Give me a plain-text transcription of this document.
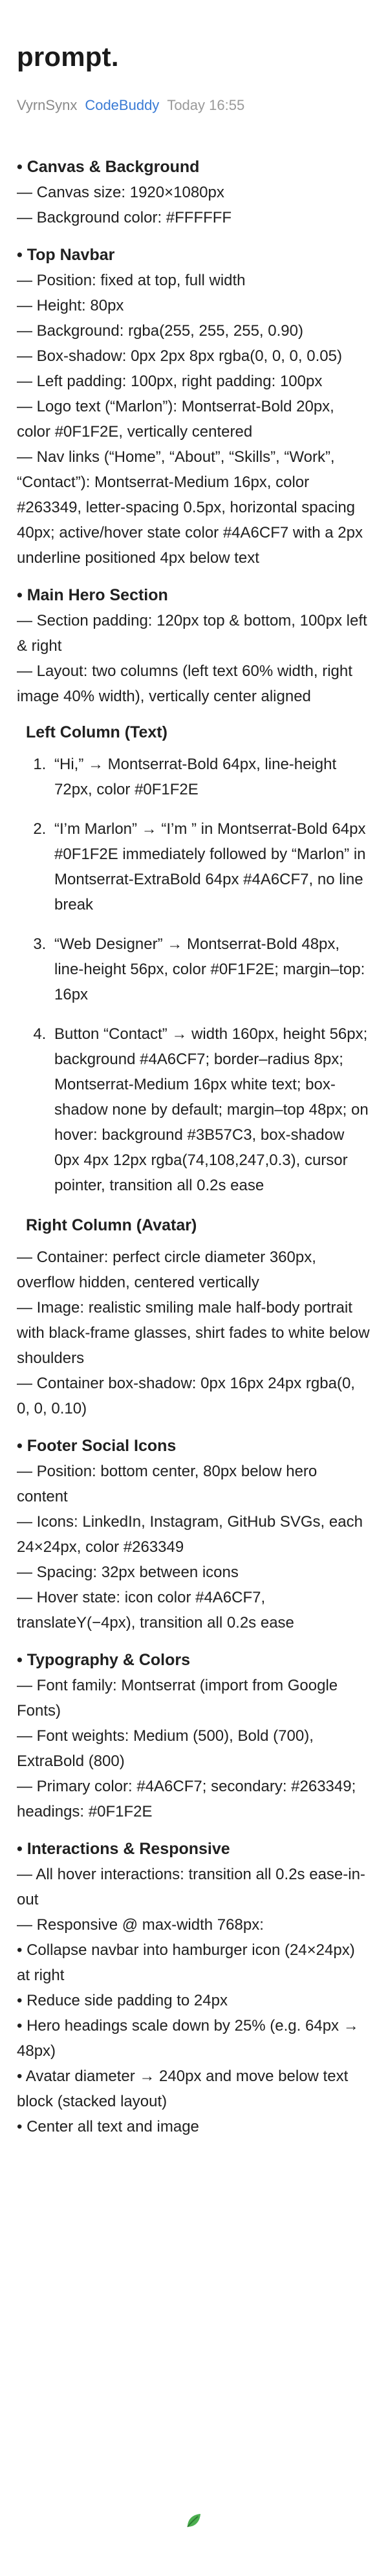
prompt.
VyrnSynx CodeBuddy Today 16:55
• Canvas & Background

— Canvas size: 1920×1080px

— Background color: #FFFFFF

• Top Navbar

— Position: fixed at top, full width

— Height: 80px

— Background: rgba(255, 255, 255, 0.90)

— Box-shadow: 0px 2px 8px rgba(0, 0, 0, 0.05)

— Left padding: 100px, right padding: 100px

— Logo text (“Marlon”): Montserrat-Bold 20px, color #0F1F2E, vertically centered

— Nav links (“Home”, “About”, “Skills”, “Work”, “Contact”): Montserrat-Medium 16px, color #263349, letter-spacing 0.5px, horizontal spacing 40px; active/hover state color #4A6CF7 with a 2px underline positioned 4px below text

• Main Hero Section

— Section padding: 120px top & bottom, 100px left & right

— Layout: two columns (left text 60% width, right image 40% width), vertically center aligned

Left Column (Text)
1. “Hi,” → Montserrat-Bold 64px, line-height 72px, color #0F1F2E
2. “I’m Marlon” → “I’m ” in Montserrat-Bold 64px #0F1F2E immediately followed by “Marlon” in Montserrat-ExtraBold 64px #4A6CF7, no line break
3. “Web Designer” → Montserrat-Bold 48px, line-height 56px, color #0F1F2E; margin–top: 16px
4. Button “Contact” → width 160px, height 56px; background #4A6CF7; border–radius 8px; Montserrat-Medium 16px white text; box-shadow none by default; margin–top 48px; on hover: background #3B57C3, box-shadow 0px 4px 12px rgba(74,108,247,0.3), cursor pointer, transition all 0.2s ease
Right Column (Avatar)

— Container: perfect circle diameter 360px, overflow hidden, centered vertically

— Image: realistic smiling male half-body portrait with black-frame glasses, shirt fades to white below shoulders

— Container box-shadow: 0px 16px 24px rgba(0, 0, 0, 0.10)

• Footer Social Icons

— Position: bottom center, 80px below hero content

— Icons: LinkedIn, Instagram, GitHub SVGs, each 24×24px, color #263349

— Spacing: 32px between icons

— Hover state: icon color #4A6CF7, translateY(−4px), transition all 0.2s ease

• Typography & Colors

— Font family: Montserrat (import from Google Fonts)

— Font weights: Medium (500), Bold (700), ExtraBold (800)

— Primary color: #4A6CF7; secondary: #263349; headings: #0F1F2E

• Interactions & Responsive

— All hover interactions: transition all 0.2s ease-in-out

— Responsive @ max-width 768px:

• Collapse navbar into hamburger icon (24×24px) at right

• Reduce side padding to 24px

• Hero headings scale down by 25% (e.g. 64px → 48px)

• Avatar diameter → 240px and move below text block (stacked layout)

• Center all text and image
